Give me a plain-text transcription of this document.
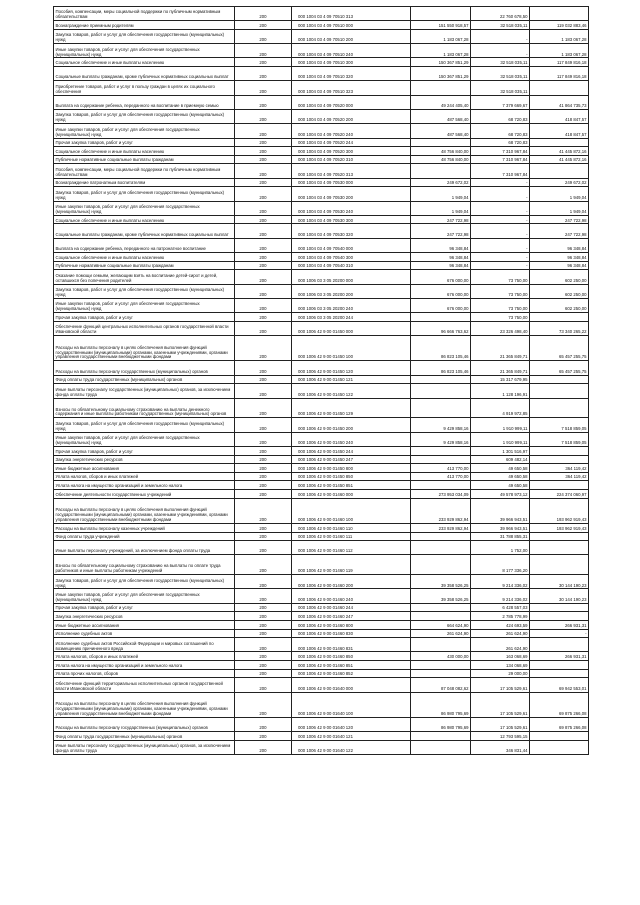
Пособия, компенсации, меры социальной поддержки по публичным нормативным обязательствам	200	000 1004 03 4 09 70510 313		22 760 678,50	
Вознаграждение приемным родителям	200	000 1004 03 4 09 70510 000	151 550 918,57	32 518 035,11	119 032 883,46
Закупка товаров, работ и услуг для обеспечения государственных (муниципальных) нужд	200	000 1004 03 4 09 70510 200	1 183 067,28	-	1 183 067,28
Иные закупки товаров, работ и услуг для обеспечения государственных (муниципальных) нужд	200	000 1004 03 4 09 70510 240	1 183 067,28	-	1 183 067,28
Социальное обеспечение и иные выплаты населению	200	000 1004 03 4 09 70510 300	150 367 851,29	32 518 035,11	117 849 816,18
Социальные выплаты гражданам, кроме публичных нормативных социальных выплат	200	000 1004 03 4 09 70510 320	150 367 851,29	32 518 035,11	117 849 816,18
Приобретение товаров, работ и услуг в пользу граждан в целях их социального обеспечения	200	000 1004 03 4 09 70510 323		32 518 035,11	
Выплата на содержание ребенка, переданного на воспитание в приемную семью	200	000 1004 03 4 09 70520 000	49 244 405,40	7 379 669,67	41 864 735,73
Закупка товаров, работ и услуг для обеспечения государственных (муниципальных) нужд	200	000 1004 03 4 09 70520 200	487 568,40	68 720,83	418 847,57
Иные закупки товаров, работ и услуг для обеспечения государственных (муниципальных) нужд	200	000 1004 03 4 09 70520 240	487 568,40	68 720,83	418 847,57
Прочая закупка товаров, работ и услуг	200	000 1004 03 4 09 70520 244		68 720,83	
Социальное обеспечение и иные выплаты населению	200	000 1004 03 4 09 70520 300	48 756 840,00	7 310 967,84	41 445 872,16
Публичные нормативные социальные выплаты гражданам	200	000 1004 03 4 09 70520 310	48 756 840,00	7 310 967,84	41 445 872,16
Пособия, компенсации, меры социальной поддержки по публичным нормативным обязательствам	200	000 1004 03 4 09 70520 313		7 310 967,84	
Вознаграждение патронатным воспитателям	200	000 1004 03 4 09 70530 000	249 672,02	-	249 672,02
Закупка товаров, работ и услуг для обеспечения государственных (муниципальных) нужд	200	000 1004 03 4 09 70530 200	1 949,04	-	1 949,04
Иные закупки товаров, работ и услуг для обеспечения государственных (муниципальных) нужд	200	000 1004 03 4 09 70530 240	1 949,04	-	1 949,04
Социальное обеспечение и иные выплаты населению	200	000 1004 03 4 09 70530 300	247 722,98	-	247 722,98
Социальные выплаты гражданам, кроме публичных нормативных социальных выплат	200	000 1004 03 4 09 70530 320	247 722,98	-	247 722,98
Выплата на содержание ребенка, переданного на патронатное воспитание	200	000 1004 03 4 09 70540 000	96 348,84	-	96 348,84
Социальное обеспечение и иные выплаты населению	200	000 1004 03 4 09 70540 300	96 348,84	-	96 348,84
Публичные нормативные социальные выплаты гражданам	200	000 1004 03 4 09 70540 310	96 348,84	-	96 348,84
Оказание помощи семьям, желающим взять на воспитание детей-сирот и детей, оставшихся без попечения родителей	200	000 1006 03 3 05 20200 000	676 000,00	73 750,00	602 250,00
Закупка товаров, работ и услуг для обеспечения государственных (муниципальных) нужд	200	000 1006 03 3 05 20200 200	676 000,00	73 750,00	602 250,00
Иные закупки товаров, работ и услуг для обеспечения государственных (муниципальных) нужд	200	000 1006 03 3 05 20200 240	676 000,00	73 750,00	602 250,00
Прочая закупка товаров, работ и услуг	200	000 1006 03 3 05 20200 244		73 750,00	
Обеспечение функций центральных исполнительных органов государственной власти Ивановской области	200	000 1006 42 9 00 01450 000	96 666 763,62	23 326 498,40	73 340 265,22
Расходы на выплаты персоналу в целях обеспечения выполнения функций государственными (муниципальными) органами, казенными учреждениями, органами управления государственными внебюджетными фондами	200	000 1006 42 9 00 01450 100	86 823 105,46	21 365 849,71	65 457 255,75
Расходы на выплаты персоналу государственных (муниципальных) органов	200	000 1006 42 9 00 01450 120	86 823 105,46	21 365 849,71	65 457 255,75
Фонд оплаты труда государственных (муниципальных) органов	200	000 1006 42 9 00 01450 121		15 317 679,95	
Иные выплаты персоналу государственных (муниципальных) органов, за исключением фонда оплаты труда	200	000 1006 42 9 00 01450 122		1 128 196,91	
Взносы по обязательному социальному страхованию на выплаты денежного содержания и иные выплаты работникам государственных (муниципальных) органов	200	000 1006 42 9 00 01450 129		4 919 972,85	
Закупка товаров, работ и услуг для обеспечения государственных (муниципальных) нужд	200	000 1006 42 9 00 01450 200	9 429 858,16	1 910 999,11	7 518 859,05
Иные закупки товаров, работ и услуг для обеспечения государственных (муниципальных) нужд	200	000 1006 42 9 00 01450 240	9 429 858,16	1 910 999,11	7 518 859,05
Прочая закупка товаров, работ и услуг	200	000 1006 42 9 00 01450 244		1 301 516,97	
Закупка энергетических ресурсов	200	000 1006 42 9 00 01450 247		609 482,14	
Иные бюджетные ассигнования	200	000 1006 42 9 00 01450 800	413 770,00	49 650,58	364 119,42
Уплата налогов, сборов и иных платежей	200	000 1006 42 9 00 01450 850	413 770,00	49 650,58	364 119,42
Уплата налога на имущество организаций и земельного налога	200	000 1006 42 9 00 01450 851		49 650,58	
Обеспечение деятельности государственных учреждений	200	000 1006 42 9 00 01460 000	273 953 034,09	49 578 973,12	224 374 060,97
Расходы на выплаты персоналу в целях обеспечения выполнения функций государственными (муниципальными) органами, казенными учреждениями, органами управления государственными внебюджетными фондами	200	000 1006 42 9 00 01460 100	233 929 862,94	39 966 943,51	193 962 919,43
Расходы на выплаты персоналу казенных учреждений	200	000 1006 42 9 00 01460 110	233 929 862,94	39 966 943,51	193 962 919,43
Фонд оплаты труда учреждений	200	000 1006 42 9 00 01460 111		31 788 855,31	
Иные выплаты персоналу учреждений, за исключением фонда оплаты труда	200	000 1006 42 9 00 01460 112		1 752,00	
Взносы по обязательному социальному страхованию на выплаты по оплате труда работников и иные выплаты работникам учреждений	200	000 1006 42 9 00 01460 119		8 177 336,20	
Закупка товаров, работ и услуг для обеспечения государственных (муниципальных) нужд	200	000 1006 42 9 00 01460 200	39 358 526,25	9 214 336,02	30 144 190,23
Иные закупки товаров, работ и услуг для обеспечения государственных (муниципальных) нужд	200	000 1006 42 9 00 01460 240	39 358 526,25	9 214 336,02	30 144 190,23
Прочая закупка товаров, работ и услуг	200	000 1006 42 9 00 01460 244		6 428 557,03	
Закупка энергетических ресурсов	200	000 1006 42 9 00 01460 247		2 785 778,99	
Иные бюджетные ассигнования	200	000 1006 42 9 00 01460 800	664 624,90	424 693,59	266 931,31
Исполнение судебных актов	200	000 1006 42 9 00 01460 830	261 624,90	261 624,90	-
Исполнение судебных актов Российской Федерации и мировых соглашений по возмещению причиненного вреда	200	000 1006 42 9 00 01460 831		261 624,90	
Уплата налогов, сборов и иных платежей	200	000 1006 42 9 00 01460 850	430 000,00	163 068,69	266 931,31
Уплата налога на имущество организаций и земельного налога	200	000 1006 42 9 00 01460 851		134 068,69	
Уплата прочих налогов, сборов	200	000 1006 42 9 00 01460 852		29 000,00	
Обеспечение функций территориальных исполнительных органов государственной власти Ивановской области	200	000 1006 42 9 00 01640 000	87 048 082,62	17 105 529,61	69 942 553,01
Расходы на выплаты персоналу в целях обеспечения выполнения функций государственными (муниципальными) органами, казенными учреждениями, органами управления государственными внебюджетными фондами	200	000 1006 42 9 00 01640 100	86 980 795,69	17 105 529,61	69 875 266,08
Расходы на выплаты персоналу государственных (муниципальных) органов	200	000 1006 42 9 00 01640 120	86 980 795,69	17 105 529,61	69 875 266,08
Фонд оплаты труда государственных (муниципальных) органов	200	000 1006 42 9 00 01640 121		12 793 595,15	
Иные выплаты персоналу государственных (муниципальных) органов, за исключением фонда оплаты труда	200	000 1006 42 9 00 01640 122		346 831,44	
